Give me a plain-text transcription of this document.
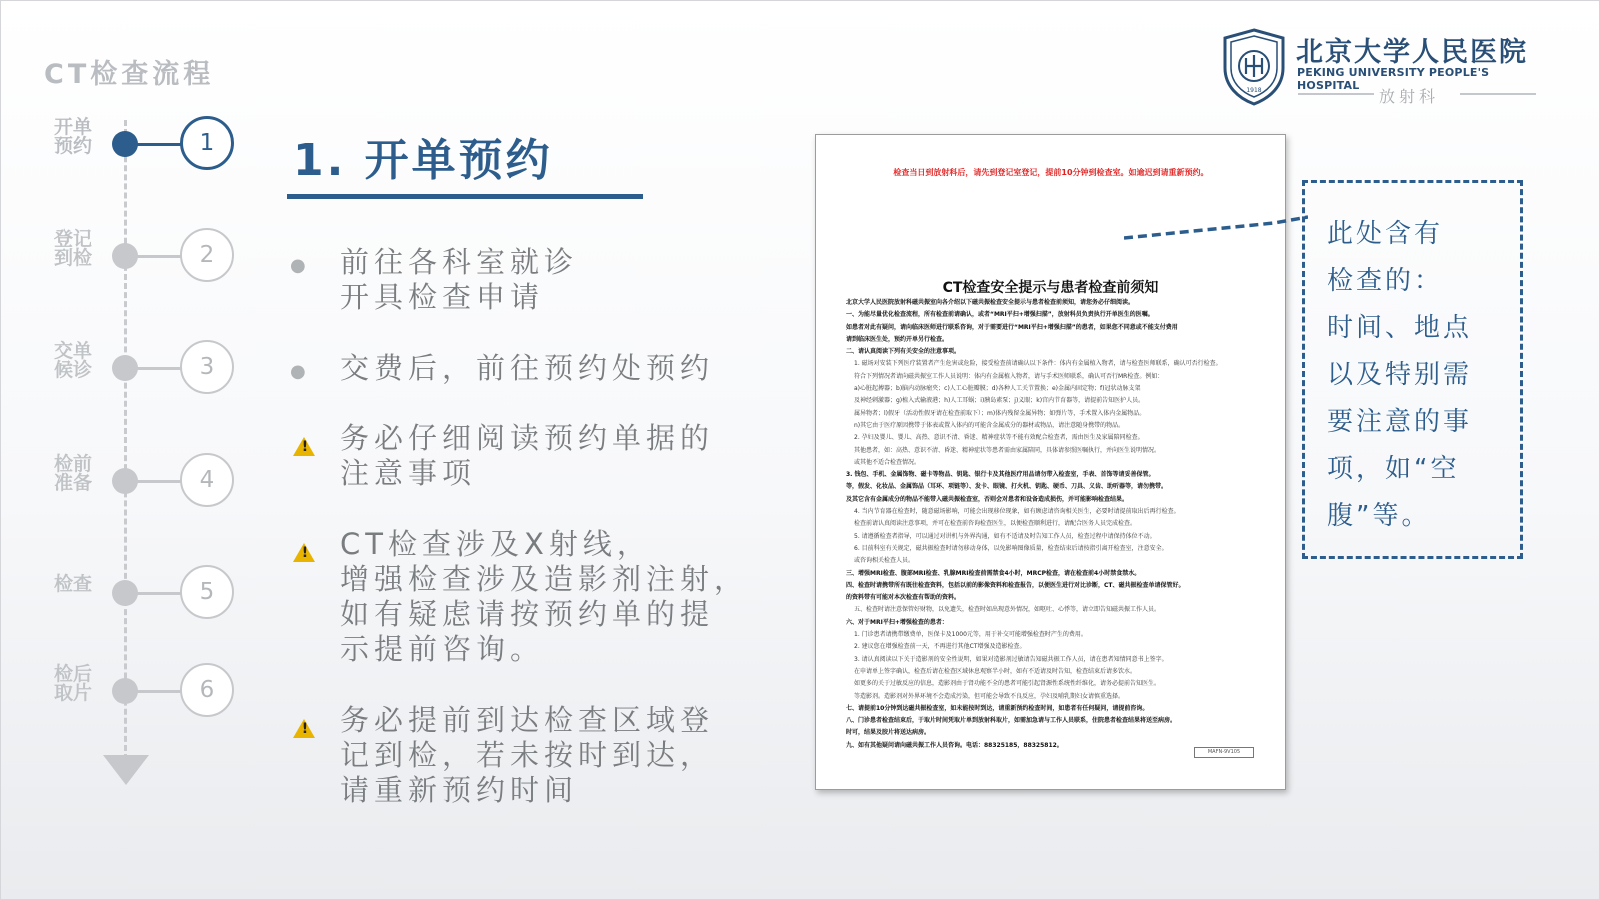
CT检查流程
1918
北京大学人民医院
PEKING UNIVERSITY PEOPLE'S HOSPITAL
放射科
开单
预约	1
登记
到检	2
交单
候诊	3
检前
准备	4
检查	5
检后
取片	6
1. 开单预约
●	前往各科室就诊
开具检查申请
●	交费后，前往预约处预约
! 务必仔细阅读预约单据的
注意事项
! CT检查涉及X射线，
增强检查涉及造影剂注射，
如有疑虑请按预约单的提
示提前咨询。
! 务必提前到达检查区域登
记到检，若未按时到达，
请重新预约时间
检查当日到放射科后，请先到登记室登记，提前10分钟到检查室。如逾迟到请重新预约。
CT检查安全提示与患者检查前须知
北京大学人民医院放射科磁共振室向各介绍以下磁共振检查安全提示与患者检查前须知，请您务必仔细阅读。
一、为能尽量优化检查流程，所有检查前请确认，或者“MRI平扫+增强扫描”，放射科员负责执行开单医生的医嘱。
如患者对此有疑问，请向临床医师进行联系咨询，对于需要进行“MRI平扫+增强扫描”的患者，如果您不同意或不能支付费用
请到临床医生处，预约开单另行检查。
二、请认真阅读下列有关安全的注意事项。
1. 磁场对安装下列医疗装置者产生危害或危险，接受检查前请确认以下条件：体内有金属植入物者，请与检查医师联系，确认可否行检查。
符合下列情况者请向磁共振室工作人员说明：体内有金属植入物者，请与手术医师联系，确认可否行MR检查。例如：
a)心脏起搏器；b)脑内动脉瘤夹；c)人工心脏瓣膜；d)各种人工关节置换；e)金属内固定物；f)冠状动脉支架
及神经刺激器；g)植入式输液港；h)人工耳蜗；i)胰岛素泵；j)义眼；k)宫内节育器等，请提前告知医护人员。
属异物者；l)假牙（活动性假牙请在检查前取下）；m)体内残留金属异物；如弹片等，手术置入体内金属物品。
n)其它由于医疗原因携带于体表或置入体内的可能含金属成分的器材或物品，请注意随身携带的物品。
2. 孕妇及婴儿、婴儿、高热、意识不清、昏迷、精神症状等不能有效配合检查者，需由医生及家属陪同检查。
其他患者，如：高热、意识不清、昏迷、精神症状等患者需由家属陪同，具体请参照医嘱执行，并向医生说明情况。
或其他不适合检查情况。
3. 钱包、手机、金属饰物、磁卡等物品、钥匙、银行卡及其他医疗用品请勿带入检查室，手表、首饰等请妥善保管。
等，假发、化妆品、金属饰品（耳环、项链等）、发卡、眼镜、打火机、钥匙、硬币、刀具、义齿、助听器等，请勿携带。
及其它含有金属成分的物品不能带入磁共振检查室，否则会对患者和设备造成损伤，并可能影响检查结果。
4. 当内节育器在检查时，随意磁场影响，可能会出现移位现象，如有顾虑请咨询相关医生，必要时请提前取出后再行检查。
检查前请认真阅读注意事项，并可在检查前咨询检查医生，以便检查顺利进行，请配合医务人员完成检查。
5. 请遵循检查者指导，可以通过对讲机与外界沟通，如有不适请及时告知工作人员，检查过程中请保持体位不动。
6. 目前科室有关规定，磁共振检查时请勿移动身体，以免影响图像质量，检查结束后请按指引离开检查室，注意安全。
或咨询相关检查人员。
三、增强MRI检查、腹部MRI检查、乳腺MRI检查前需禁食4小时，MRCP检查，请在检查前4小时禁食禁水。
四、检查时请携带所有既往检查资料，包括以前的影像资料和检查报告，以便医生进行对比诊断，CT、磁共振检查单请保管好。
的资料带有可能对本次检查有帮助的资料。
五、检查时请注意保管好财物，以免遗失，检查时如出现意外情况，如呕吐、心悸等，请立即告知磁共振工作人员。
六、对于MRI平扫+增强检查的患者：
1. 门诊患者请携带缴费单，医保卡及1000元等，用于补交可能增强检查时产生的费用。
2. 建议您在增强检查前一天，不再进行其他CT增强及造影检查。
3. 请认真阅读以下关于造影剂的安全性说明，如果对造影剂过敏请告知磁共振工作人员，请在患者知情同意书上签字。
在申请单上签字确认，检查后请在检查区域休息观察半小时，如有不适请及时告知，检查结束后请多饮水。
如更多的关于过敏反应的信息，造影剂由于肾功能不全的患者可能引起肾源性系统性纤维化，请务必提前告知医生。
等造影剂。造影剂对外界环境不会造成污染，但可能会导致不良反应，孕妇及哺乳期妇女请慎重选择。
七、请提前10分钟到达磁共振检查室，如未能按时到达，请重新预约检查时间，如患者有任何疑问，请提前咨询。
八、门诊患者检查结束后，于取片时间凭取片单到放射科取片，如需加急请与工作人员联系，住院患者检查结果将送至病房。
时可，结果及胶片将送达病房。
九、如有其他疑问请向磁共振工作人员咨询。电话：88325185，88325812。
MAFN-9V105
此处含有
检查的：
时间、地点
以及特别需
要注意的事
项，如“空
腹”等。
